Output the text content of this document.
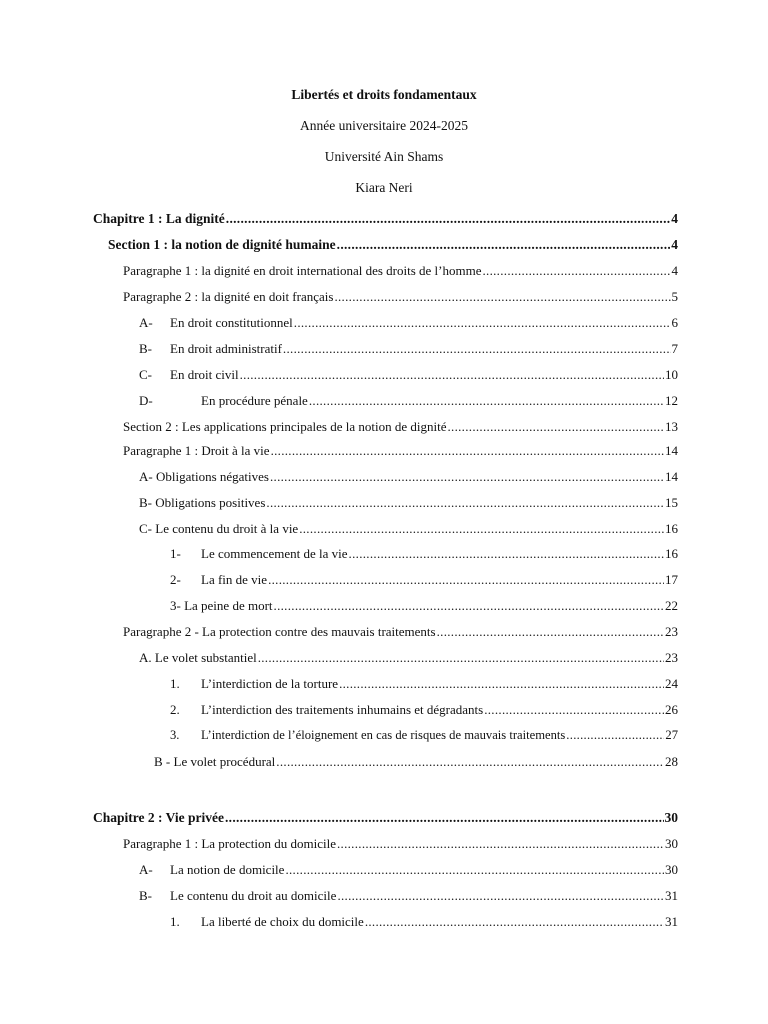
Libertés et droits fondamentaux
Année universitaire 2024-2025
Université Ain Shams
Kiara Neri
Chapitre 1 : La dignité .....	4
Section 1 : la notion de dignité humaine .....	4
Paragraphe 1 : la dignité en droit international des droits de l’homme .....	4
Paragraphe 2 : la dignité en doit français .....	5
A-	En droit constitutionnel .....	6
B-	En droit administratif .....	7
C-	En droit civil .....	10
D-	En procédure pénale .....	12
Section 2 : Les applications principales de la notion de dignité .....	13
Paragraphe 1 : Droit à la vie .....	14
A- Obligations négatives .....	14
B- Obligations positives .....	15
C- Le contenu du droit à la vie .....	16
1-	Le commencement de la vie .....	16
2-	La fin de vie .....	17
3- La peine de mort .....	22
Paragraphe 2 - La protection contre des mauvais traitements .....	23
A. Le volet substantiel .....	23
1.	L’interdiction de la torture .....	24
2.	L’interdiction des traitements inhumains et dégradants .....	26
3.	L’interdiction de l’éloignement en cas de risques de mauvais traitements .....	27
B - Le volet procédural .....	28
Chapitre 2 : Vie privée .....	30
Paragraphe 1 : La protection du domicile .....	30
A-	La notion de domicile .....	30
B-	Le contenu du droit au domicile .....	31
1.	La liberté de choix du domicile .....	31
